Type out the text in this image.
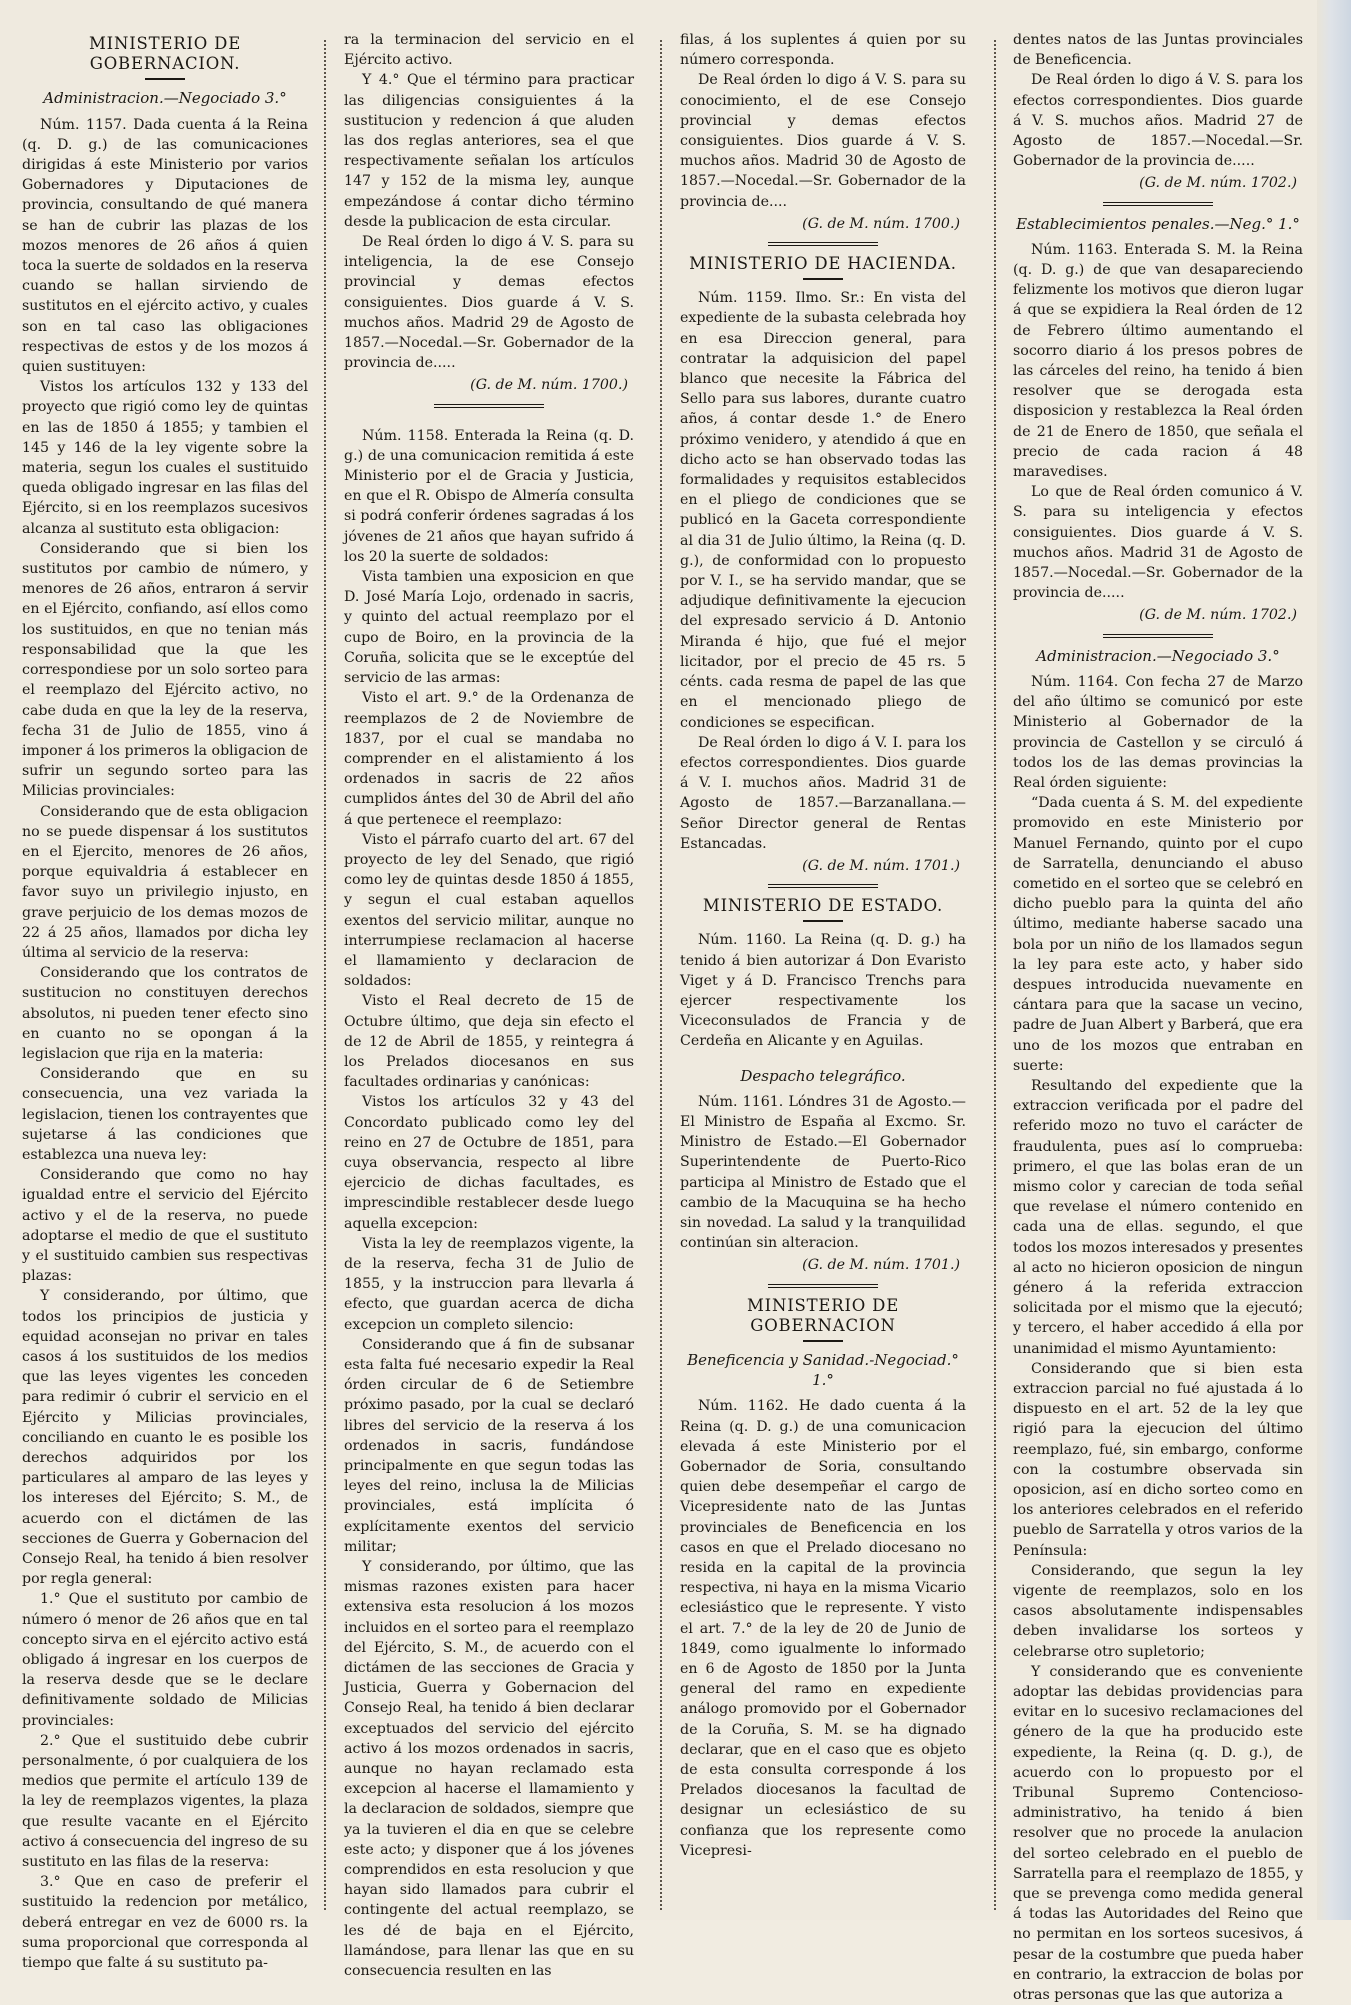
MINISTERIO DE GOBERNACION.
Administracion.—Negociado 3.°

Núm. 1157. Dada cuenta á la Reina (q. D. g.) de las comunicaciones dirigidas á este Ministerio por varios Gobernadores y Diputaciones de provincia, consultando de qué manera se han de cubrir las plazas de los mozos menores de 26 años á quien toca la suerte de soldados en la reserva cuando se hallan sirviendo de sustitutos en el ejército activo, y cuales son en tal caso las obligaciones respectivas de estos y de los mozos á quien sustituyen:

Vistos los artículos 132 y 133 del proyecto que rigió como ley de quintas en las de 1850 á 1855; y tambien el 145 y 146 de la ley vigente sobre la materia, segun los cuales el sustituido queda obligado ingresar en las filas del Ejército, si en los reemplazos sucesivos alcanza al sustituto esta obligacion:

Considerando que si bien los sustitutos por cambio de número, y menores de 26 años, entraron á servir en el Ejército, confiando, así ellos como los sustituidos, en que no tenian más responsabilidad que la que les correspondiese por un solo sorteo para el reemplazo del Ejército activo, no cabe duda en que la ley de la reserva, fecha 31 de Julio de 1855, vino á imponer á los primeros la obligacion de sufrir un segundo sorteo para las Milicias provinciales:

Considerando que de esta obligacion no se puede dispensar á los sustitutos en el Ejercito, menores de 26 años, porque equivaldria á establecer en favor suyo un privilegio injusto, en grave perjuicio de los demas mozos de 22 á 25 años, llamados por dicha ley última al servicio de la reserva:

Considerando que los contratos de sustitucion no constituyen derechos absolutos, ni pueden tener efecto sino en cuanto no se opongan á la legislacion que rija en la materia:

Considerando que en su consecuencia, una vez variada la legislacion, tienen los contrayentes que sujetarse á las condiciones que establezca una nueva ley:

Considerando que como no hay igualdad entre el servicio del Ejército activo y el de la reserva, no puede adoptarse el medio de que el sustituto y el sustituido cambien sus respectivas plazas:

Y considerando, por último, que todos los principios de justicia y equidad aconsejan no privar en tales casos á los sustituidos de los medios que las leyes vigentes les conceden para redimir ó cubrir el servicio en el Ejército y Milicias provinciales, conciliando en cuanto le es posible los derechos adquiridos por los particulares al amparo de las leyes y los intereses del Ejército; S. M., de acuerdo con el dictámen de las secciones de Guerra y Gobernacion del Consejo Real, ha tenido á bien resolver por regla general:

1.° Que el sustituto por cambio de número ó menor de 26 años que en tal concepto sirva en el ejército activo está obligado á ingresar en los cuerpos de la reserva desde que se le declare definitivamente soldado de Milicias provinciales:

2.° Que el sustituido debe cubrir personalmente, ó por cualquiera de los medios que permite el artículo 139 de la ley de reemplazos vigentes, la plaza que resulte vacante en el Ejército activo á consecuencia del ingreso de su sustituto en las filas de la reserva:

3.° Que en caso de preferir el sustituido la redencion por metálico, deberá entregar en vez de 6000 rs. la suma proporcional que corresponda al tiempo que falte á su sustituto pa-

ra la terminacion del servicio en el Ejército activo.

Y 4.° Que el término para practicar las diligencias consiguientes á la sustitucion y redencion á que aluden las dos reglas anteriores, sea el que respectivamente señalan los artículos 147 y 152 de la misma ley, aunque empezándose á contar dicho término desde la publicacion de esta circular.

De Real órden lo digo á V. S. para su inteligencia, la de ese Consejo provincial y demas efectos consiguientes. Dios guarde á V. S. muchos años. Madrid 29 de Agosto de 1857.—Nocedal.—Sr. Gobernador de la provincia de.....

(G. de M. núm. 1700.)

Núm. 1158. Enterada la Reina (q. D. g.) de una comunicacion remitida á este Ministerio por el de Gracia y Justicia, en que el R. Obispo de Almería consulta si podrá conferir órdenes sagradas á los jóvenes de 21 años que hayan sufrido á los 20 la suerte de soldados:

Vista tambien una exposicion en que D. José María Lojo, ordenado in sacris, y quinto del actual reemplazo por el cupo de Boiro, en la provincia de la Coruña, solicita que se le exceptúe del servicio de las armas:

Visto el art. 9.° de la Ordenanza de reemplazos de 2 de Noviembre de 1837, por el cual se mandaba no comprender en el alistamiento á los ordenados in sacris de 22 años cumplidos ántes del 30 de Abril del año á que pertenece el reemplazo:

Visto el párrafo cuarto del art. 67 del proyecto de ley del Senado, que rigió como ley de quintas desde 1850 á 1855, y segun el cual estaban aquellos exentos del servicio militar, aunque no interrumpiese reclamacion al hacerse el llamamiento y declaracion de soldados:

Visto el Real decreto de 15 de Octubre último, que deja sin efecto el de 12 de Abril de 1855, y reintegra á los Prelados diocesanos en sus facultades ordinarias y canónicas:

Vistos los artículos 32 y 43 del Concordato publicado como ley del reino en 27 de Octubre de 1851, para cuya observancia, respecto al libre ejercicio de dichas facultades, es imprescindible restablecer desde luego aquella excepcion:

Vista la ley de reemplazos vigente, la de la reserva, fecha 31 de Julio de 1855, y la instruccion para llevarla á efecto, que guardan acerca de dicha excepcion un completo silencio:

Considerando que á fin de subsanar esta falta fué necesario expedir la Real órden circular de 6 de Setiembre próximo pasado, por la cual se declaró libres del servicio de la reserva á los ordenados in sacris, fundándose principalmente en que segun todas las leyes del reino, inclusa la de Milicias provinciales, está implícita ó explícitamente exentos del servicio militar;

Y considerando, por último, que las mismas razones existen para hacer extensiva esta resolucion á los mozos incluidos en el sorteo para el reemplazo del Ejército, S. M., de acuerdo con el dictámen de las secciones de Gracia y Justicia, Guerra y Gobernacion del Consejo Real, ha tenido á bien declarar exceptuados del servicio del ejército activo á los mozos ordenados in sacris, aunque no hayan reclamado esta excepcion al hacerse el llamamiento y la declaracion de soldados, siempre que ya la tuvieren el dia en que se celebre este acto; y disponer que á los jóvenes comprendidos en esta resolucion y que hayan sido llamados para cubrir el contingente del actual reemplazo, se les dé de baja en el Ejército, llamándose, para llenar las que en su consecuencia resulten en las

filas, á los suplentes á quien por su número corresponda.

De Real órden lo digo á V. S. para su conocimiento, el de ese Consejo provincial y demas efectos consiguientes. Dios guarde á V. S. muchos años. Madrid 30 de Agosto de 1857.—Nocedal.—Sr. Gobernador de la provincia de....

(G. de M. núm. 1700.)
MINISTERIO DE HACIENDA.

Núm. 1159. Ilmo. Sr.: En vista del expediente de la subasta celebrada hoy en esa Direccion general, para contratar la adquisicion del papel blanco que necesite la Fábrica del Sello para sus labores, durante cuatro años, á contar desde 1.° de Enero próximo venidero, y atendido á que en dicho acto se han observado todas las formalidades y requisitos establecidos en el pliego de condiciones que se publicó en la Gaceta correspondiente al dia 31 de Julio último, la Reina (q. D. g.), de conformidad con lo propuesto por V. I., se ha servido mandar, que se adjudique definitivamente la ejecucion del expresado servicio á D. Antonio Miranda é hijo, que fué el mejor licitador, por el precio de 45 rs. 5 cénts. cada resma de papel de las que en el mencionado pliego de condiciones se especifican.

De Real órden lo digo á V. I. para los efectos correspondientes. Dios guarde á V. I. muchos años. Madrid 31 de Agosto de 1857.—Barzanallana.—Señor Director general de Rentas Estancadas.

(G. de M. núm. 1701.)
MINISTERIO DE ESTADO.

Núm. 1160. La Reina (q. D. g.) ha tenido á bien autorizar á Don Evaristo Viget y á D. Francisco Trenchs para ejercer respectivamente los Viceconsulados de Francia y de Cerdeña en Alicante y en Aguilas.

Despacho telegráfico.

Núm. 1161. Lóndres 31 de Agosto.—El Ministro de España al Excmo. Sr. Ministro de Estado.—El Gobernador Superintendente de Puerto-Rico participa al Ministro de Estado que el cambio de la Macuquina se ha hecho sin novedad. La salud y la tranquilidad continúan sin alteracion.

(G. de M. núm. 1701.)
MINISTERIO DE GOBERNACION
Beneficencia y Sanidad.-Negociad.° 1.°

Núm. 1162. He dado cuenta á la Reina (q. D. g.) de una comunicacion elevada á este Ministerio por el Gobernador de Soria, consultando quien debe desempeñar el cargo de Vicepresidente nato de las Juntas provinciales de Beneficencia en los casos en que el Prelado diocesano no resida en la capital de la provincia respectiva, ni haya en la misma Vicario eclesiástico que le represente. Y visto el art. 7.° de la ley de 20 de Junio de 1849, como igualmente lo informado en 6 de Agosto de 1850 por la Junta general del ramo en expediente análogo promovido por el Gobernador de la Coruña, S. M. se ha dignado declarar, que en el caso que es objeto de esta consulta corresponde á los Prelados diocesanos la facultad de designar un eclesiástico de su confianza que los represente como Vicepresi-

dentes natos de las Juntas provinciales de Beneficencia.

De Real órden lo digo á V. S. para los efectos correspondientes. Dios guarde á V. S. muchos años. Madrid 27 de Agosto de 1857.—Nocedal.—Sr. Gobernador de la provincia de.....

(G. de M. núm. 1702.)
Establecimientos penales.—Neg.° 1.°

Núm. 1163. Enterada S. M. la Reina (q. D. g.) de que van desapareciendo felizmente los motivos que dieron lugar á que se expidiera la Real órden de 12 de Febrero último aumentando el socorro diario á los presos pobres de las cárceles del reino, ha tenido á bien resolver que se derogada esta disposicion y restablezca la Real órden de 21 de Enero de 1850, que señala el precio de cada racion á 48 maravedises.

Lo que de Real órden comunico á V. S. para su inteligencia y efectos consiguientes. Dios guarde á V. S. muchos años. Madrid 31 de Agosto de 1857.—Nocedal.—Sr. Gobernador de la provincia de.....

(G. de M. núm. 1702.)
Administracion.—Negociado 3.°

Núm. 1164. Con fecha 27 de Marzo del año último se comunicó por este Ministerio al Gobernador de la provincia de Castellon y se circuló á todos los de las demas provincias la Real órden siguiente:

“Dada cuenta á S. M. del expediente promovido en este Ministerio por Manuel Fernando, quinto por el cupo de Sarratella, denunciando el abuso cometido en el sorteo que se celebró en dicho pueblo para la quinta del año último, mediante haberse sacado una bola por un niño de los llamados segun la ley para este acto, y haber sido despues introducida nuevamente en cántara para que la sacase un vecino, padre de Juan Albert y Barberá, que era uno de los mozos que entraban en suerte:

Resultando del expediente que la extraccion verificada por el padre del referido mozo no tuvo el carácter de fraudulenta, pues así lo comprueba: primero, el que las bolas eran de un mismo color y carecian de toda señal que revelase el número contenido en cada una de ellas. segundo, el que todos los mozos interesados y presentes al acto no hicieron oposicion de ningun género á la referida extraccion solicitada por el mismo que la ejecutó; y tercero, el haber accedido á ella por unanimidad el mismo Ayuntamiento:

Considerando que si bien esta extraccion parcial no fué ajustada á lo dispuesto en el art. 52 de la ley que rigió para la ejecucion del último reemplazo, fué, sin embargo, conforme con la costumbre observada sin oposicion, así en dicho sorteo como en los anteriores celebrados en el referido pueblo de Sarratella y otros varios de la Península:

Considerando, que segun la ley vigente de reemplazos, solo en los casos absolutamente indispensables deben invalidarse los sorteos y celebrarse otro supletorio;

Y considerando que es conveniente adoptar las debidas providencias para evitar en lo sucesivo reclamaciones del género de la que ha producido este expediente, la Reina (q. D. g.), de acuerdo con lo propuesto por el Tribunal Supremo Contencioso-administrativo, ha tenido á bien resolver que no procede la anulacion del sorteo celebrado en el pueblo de Sarratella para el reemplazo de 1855, y que se prevenga como medida general á todas las Autoridades del Reino que no permitan en los sorteos sucesivos, á pesar de la costumbre que pueda haber en contrario, la extraccion de bolas por otras personas que las que autoriza a
